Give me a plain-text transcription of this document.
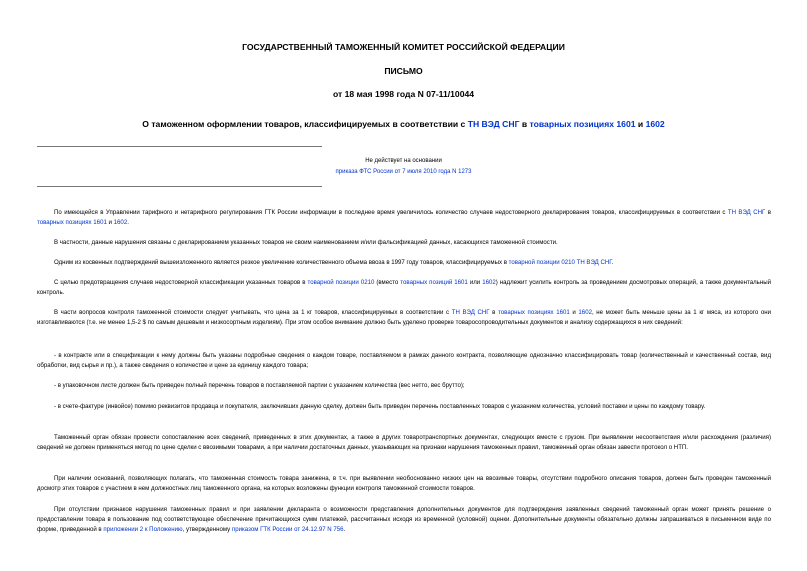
ГОСУДАРСТВЕННЫЙ ТАМОЖЕННЫЙ КОМИТЕТ РОССИЙСКОЙ ФЕДЕРАЦИИ
ПИСЬМО
от 18 мая 1998 года N 07-11/10044
О таможенном оформлении товаров, классифицируемых в соответствии с ТН ВЭД СНГ в товарных позициях 1601 и 1602
Не действует на основании
приказа ФТС России от 7 июля 2010 года N 1273
По имеющейся в Управлении тарифного и нетарифного регулирования ГТК России информации в последнее время увеличилось количество случаев недостоверного декларирования товаров, классифицируемых в соответствии с ТН ВЭД СНГ в товарных позициях 1601 и 1602.
В частности, данные нарушения связаны с декларированием указанных товаров не своим наименованием и/или фальсификацией данных, касающихся таможенной стоимости.
Одним из косвенных подтверждений вышеизложенного является резкое увеличение количественного объема ввоза в 1997 году товаров, классифицируемых в товарной позиции 0210 ТН ВЭД СНГ.
С целью предотвращения случаев недостоверной классификации указанных товаров в товарной позиции 0210 (вместо товарных позиций 1601 или 1602) надлежит усилить контроль за проведением досмотровых операций, а также документальный контроль.
В части вопросов контроля таможенной стоимости следует учитывать, что цена за 1 кг товаров, классифицируемых в соответствии с ТН ВЭД СНГ в товарных позициях 1601 и 1602, не может быть меньше цены за 1 кг мяса, из которого они изготавливаются (т.е. не менее 1,5-2 $ по самым дешевым и низкосортным изделиям). При этом особое внимание должно быть уделено проверке товаросопроводительных документов и анализу содержащихся в них сведений:
- в контракте или в спецификации к нему должны быть указаны подробные сведения о каждом товаре, поставляемом в рамках данного контракта, позволяющие однозначно классифицировать товар (количественный и качественный состав, вид обработки, вид сырья и пр.), а также сведения о количестве и цене за единицу каждого товара;
- в упаковочном листе должен быть приведен полный перечень товаров в поставляемой партии с указанием количества (вес нетто, вес брутто);
- в счете-фактуре (инвойсе) помимо реквизитов продавца и покупателя, заключивших данную сделку, должен быть приведен перечень поставленных товаров с указанием количества, условий поставки и цены по каждому товару.
Таможенный орган обязан провести сопоставление всех сведений, приведенных в этих документах, а также в других товаротранспортных документах, следующих вместе с грузом. При выявлении несоответствия и/или расхождения (различия) сведений не должен применяться метод по цене сделки с ввозимыми товарами, а при наличии достаточных данных, указывающих на признаки нарушения таможенных правил, таможенный орган обязан завести протокол о НТП.
При наличии оснований, позволяющих полагать, что таможенная стоимость товара занижена, в т.ч. при выявлении необоснованно низких цен на ввозимые товары, отсутствии подробного описания товаров, должен быть проведен таможенный досмотр этих товаров с участием в нем должностных лиц таможенного органа, на которых возложены функции контроля таможенной стоимости товаров.
При отсутствии признаков нарушения таможенных правил и при заявлении декларанта о возможности представления дополнительных документов для подтверждения заявленных сведений таможенный орган может принять решение о предоставлении товара в пользование под соответствующее обеспечение причитающихся сумм платежей, рассчитанных исходя из временной (условной) оценки. Дополнительные документы обязательно должны запрашиваться в письменном виде по форме, приведенной в приложении 2 к Положению, утвержденному приказом ГТК России от 24.12.97 N 756.
